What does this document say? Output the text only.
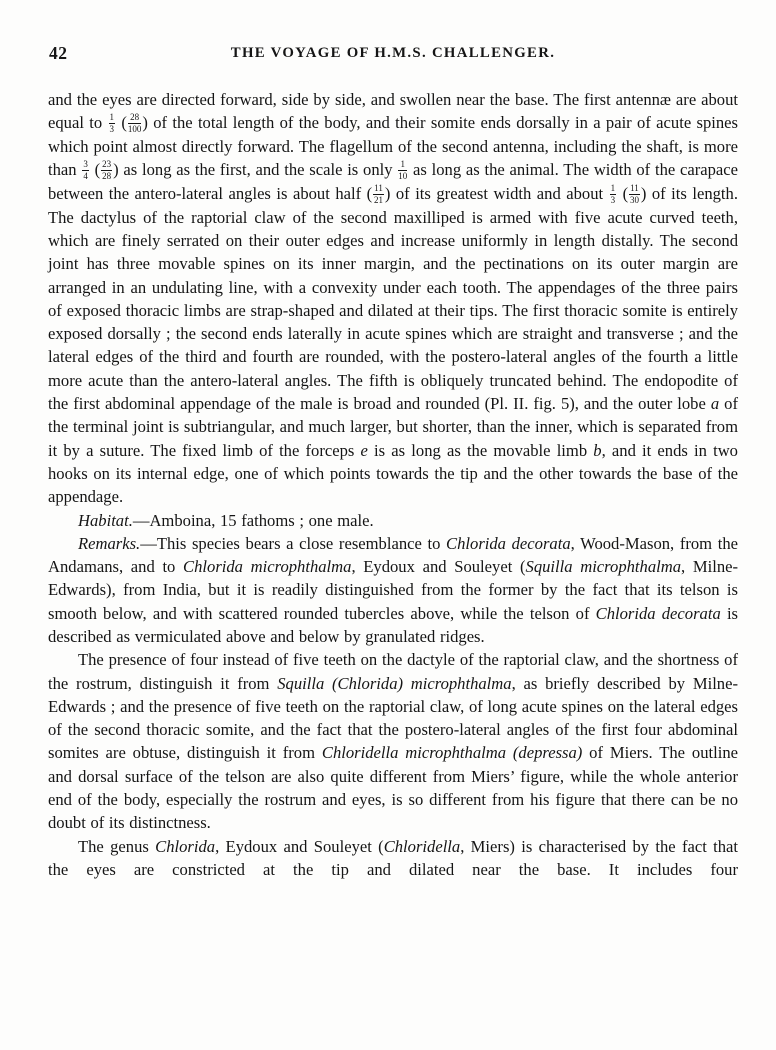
42	THE VOYAGE OF H.M.S. CHALLENGER.

and the eyes are directed forward, side by side, and swollen near the base. The first antennæ are about equal to $\frac{1}{3}$ ( $\frac{28}{100}$ ) of the total length of the body, and their somite ends dorsally in a pair of acute spines which point almost directly forward. The flagellum of the second antenna, including the shaft, is more than $\frac{3}{4}$ ( $\frac{23}{28}$ ) as long as the first, and the scale is only $\frac{1}{10}$ as long as the animal. The width of the carapace between the antero-lateral angles is about half ( $\frac{11}{21}$ ) of its greatest width and about $\frac{1}{3}$ ( $\frac{11}{30}$ ) of its length. The dactylus of the raptorial claw of the second maxilliped is armed with five acute curved teeth, which are finely serrated on their outer edges and increase uniformly in length distally. The second joint has three movable spines on its inner margin, and the pectinations on its outer margin are arranged in an undulating line, with a convexity under each tooth. The appendages of the three pairs of exposed thoracic limbs are strap-shaped and dilated at their tips. The first thoracic somite is entirely exposed dorsally ; the second ends laterally in acute spines which are straight and transverse ; and the lateral edges of the third and fourth are rounded, with the postero-lateral angles of the fourth a little more acute than the antero-lateral angles. The fifth is obliquely truncated behind. The endopodite of the first abdominal appendage of the male is broad and rounded (Pl. II. fig. 5), and the outer lobe a of the terminal joint is subtriangular, and much larger, but shorter, than the inner, which is separated from it by a suture. The fixed limb of the forceps e is as long as the movable limb b, and it ends in two hooks on its internal edge, one of which points towards the tip and the other towards the base of the appendage.

Habitat.—Amboina, 15 fathoms ; one male.

Remarks.—This species bears a close resemblance to Chlorida decorata, Wood-Mason, from the Andamans, and to Chlorida microphthalma, Eydoux and Souleyet (Squilla microphthalma, Milne-Edwards), from India, but it is readily distinguished from the former by the fact that its telson is smooth below, and with scattered rounded tubercles above, while the telson of Chlorida decorata is described as vermiculated above and below by granulated ridges.

The presence of four instead of five teeth on the dactyle of the raptorial claw, and the shortness of the rostrum, distinguish it from Squilla (Chlorida) microphthalma, as briefly described by Milne-Edwards ; and the presence of five teeth on the raptorial claw, of long acute spines on the lateral edges of the second thoracic somite, and the fact that the postero-lateral angles of the first four abdominal somites are obtuse, distinguish it from Chloridella microphthalma (depressa) of Miers. The outline and dorsal surface of the telson are also quite different from Miers’ figure, while the whole anterior end of the body, especially the rostrum and eyes, is so different from his figure that there can be no doubt of its distinctness.

The genus Chlorida, Eydoux and Souleyet (Chloridella, Miers) is characterised by the fact that the eyes are constricted at the tip and dilated near the base. It includes four
